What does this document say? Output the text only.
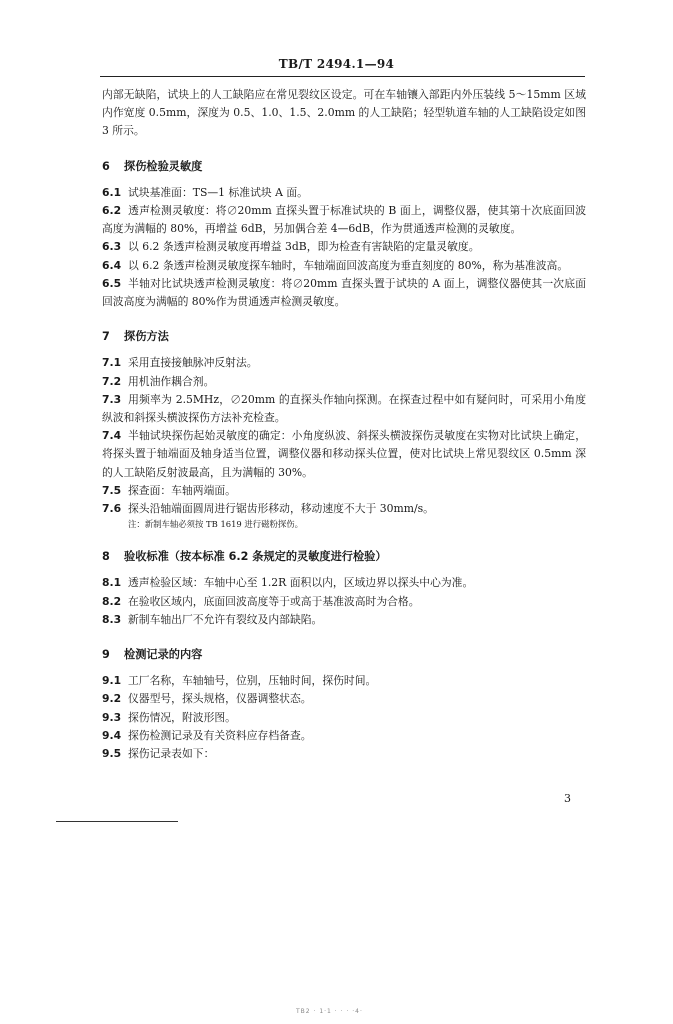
TB/T 2494.1—94

内部无缺陷，试块上的人工缺陷应在常见裂纹区设定。可在车轴镶入部距内外压装线 5～15mm 区域内作宽度 0.5mm，深度为 0.5、1.0、1.5、2.0mm 的人工缺陷；轻型轨道车轴的人工缺陷设定如图 3 所示。

6 探伤检验灵敏度

6.1 试块基准面：TS—1 标准试块 A 面。

6.2 透声检测灵敏度：将∅20mm 直探头置于标准试块的 B 面上，调整仪器，使其第十次底面回波高度为满幅的 80%，再增益 6dB，另加偶合差 4—6dB，作为贯通透声检测的灵敏度。

6.3 以 6.2 条透声检测灵敏度再增益 3dB，即为检查有害缺陷的定量灵敏度。

6.4 以 6.2 条透声检测灵敏度探车轴时，车轴端面回波高度为垂直刻度的 80%，称为基准波高。

6.5 半轴对比试块透声检测灵敏度：将∅20mm 直探头置于试块的 A 面上，调整仪器使其一次底面回波高度为满幅的 80%作为贯通透声检测灵敏度。

7 探伤方法

7.1 采用直接接触脉冲反射法。

7.2 用机油作耦合剂。

7.3 用频率为 2.5MHz，∅20mm 的直探头作轴向探测。在探查过程中如有疑问时，可采用小角度纵波和斜探头横波探伤方法补充检查。

7.4 半轴试块探伤起始灵敏度的确定：小角度纵波、斜探头横波探伤灵敏度在实物对比试块上确定，将探头置于轴端面及轴身适当位置，调整仪器和移动探头位置，使对比试块上常见裂纹区 0.5mm 深的人工缺陷反射波最高，且为满幅的 30%。

7.5 探查面：车轴两端面。

7.6 探头沿轴端面圆周进行锯齿形移动，移动速度不大于 30mm/s。

注：新制车轴必须按 TB 1619 进行磁粉探伤。

8 验收标准（按本标准 6.2 条规定的灵敏度进行检验）

8.1 透声检验区域：车轴中心至 1.2R 面积以内，区域边界以探头中心为准。

8.2 在验收区域内，底面回波高度等于或高于基准波高时为合格。

8.3 新制车轴出厂不允许有裂纹及内部缺陷。

9 检测记录的内容

9.1 工厂名称，车轴轴号，位别，压轴时间，探伤时间。

9.2 仪器型号，探头规格，仪器调整状态。

9.3 探伤情况，附波形图。

9.4 探伤检测记录及有关资料应存档备查。

9.5 探伤记录表如下：

3
TB2 · 1·1 · · · ·4·
